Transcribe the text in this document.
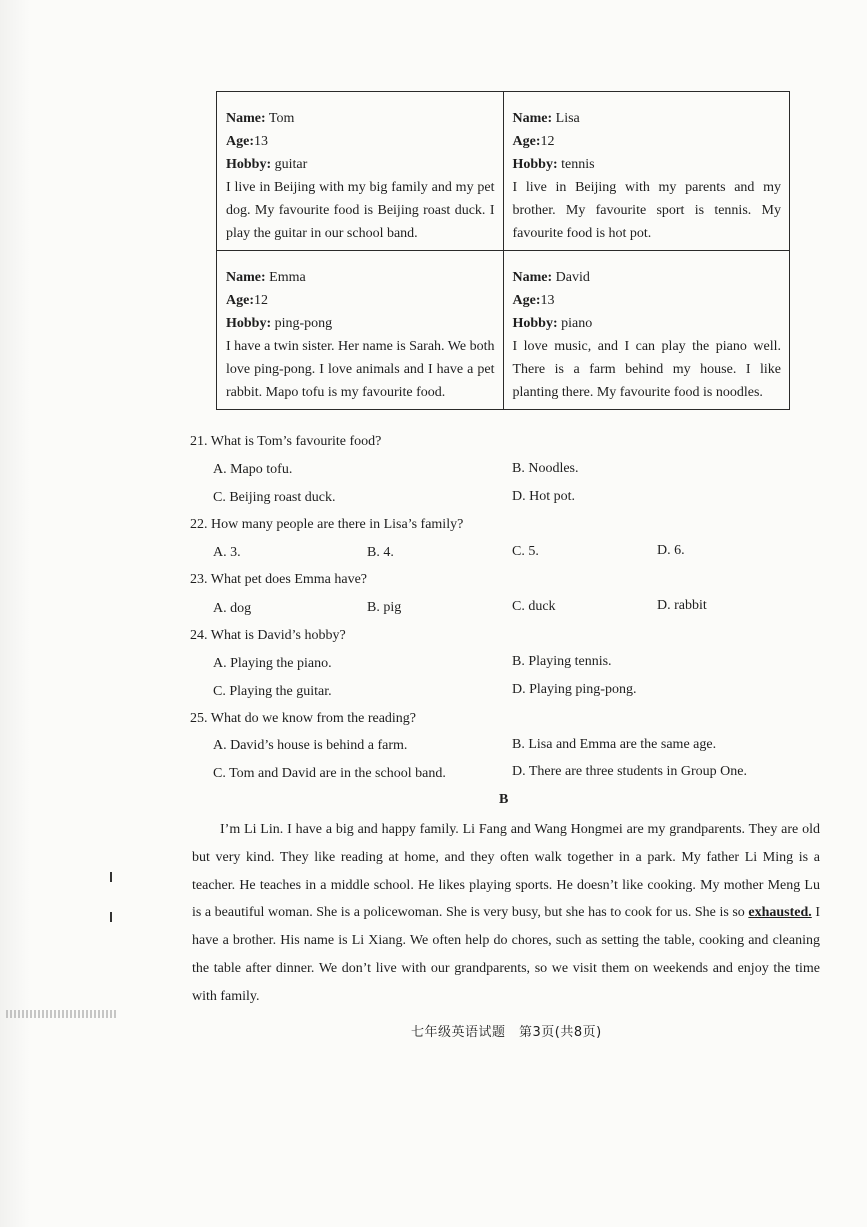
Name: Tom
Age:13
Hobby: guitar
I live in Beijing with my big family and my pet dog. My favourite food is Beijing roast duck. I play the guitar in our school band.	Name: Lisa
Age:12
Hobby: tennis
I live in Beijing with my parents and my brother. My favourite sport is tennis. My favourite food is hot pot.

Name: Emma
Age:12
Hobby: ping-pong
I have a twin sister. Her name is Sarah. We both love ping-pong. I love animals and I have a pet rabbit. Mapo tofu is my favourite food.	Name: David
Age:13
Hobby: piano
I love music, and I can play the piano well. There is a farm behind my house. I like planting there. My favourite food is noodles.
21. What is Tom’s favourite food?
A. Mapo tofu.	B. Noodles.
C. Beijing roast duck.	D. Hot pot.
22. How many people are there in Lisa’s family?
A. 3.	B. 4.	C. 5.	D. 6.
23. What pet does Emma have?
A. dog	B. pig	C. duck	D. rabbit
24. What is David’s hobby?
A. Playing the piano.	B. Playing tennis.
C. Playing the guitar.	D. Playing ping-pong.
25. What do we know from the reading?
A. David’s house is behind a farm.	B. Lisa and Emma are the same age.
C. Tom and David are in the school band.	D. There are three students in Group One.
B
I’m Li Lin. I have a big and happy family. Li Fang and Wang Hongmei are my grandparents. They are old but very kind. They like reading at home, and they often walk together in a park. My father Li Ming is a teacher. He teaches in a middle school. He likes playing sports. He doesn’t like cooking. My mother Meng Lu is a beautiful woman. She is a policewoman. She is very busy, but she has to cook for us. She is so exhausted. I have a brother. His name is Li Xiang. We often help do chores, such as setting the table, cooking and cleaning the table after dinner. We don’t live with our grandparents, so we visit them on weekends and enjoy the time with family.
七年级英语试题　第3页(共8页)
